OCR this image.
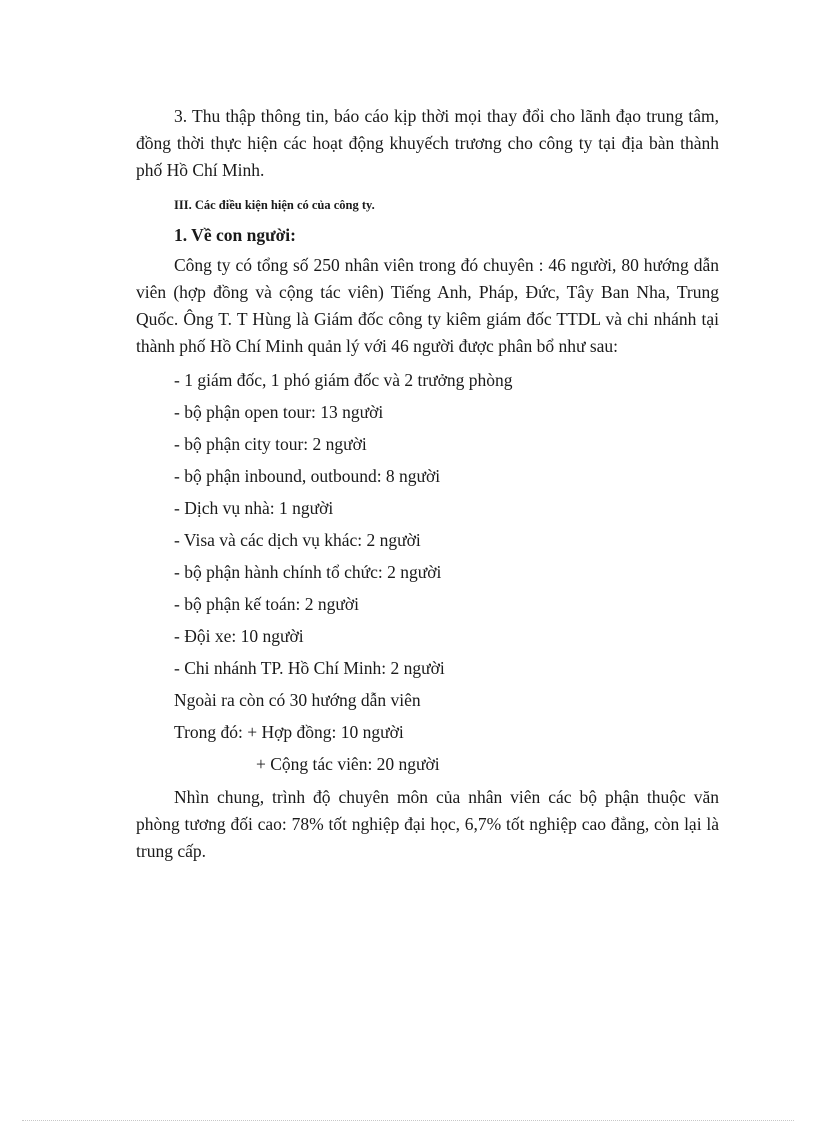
3. Thu thập thông tin, báo cáo kịp thời mọi thay đổi cho lãnh đạo trung tâm, đồng thời thực hiện các hoạt động khuyếch trương cho công ty tại địa bàn thành phố Hồ Chí Minh.

III. Các điều kiện hiện có của công ty.

1. Về con người:

Công ty có tổng số 250 nhân viên trong đó chuyên : 46 người, 80 hướng dẫn viên (hợp đồng và cộng tác viên) Tiếng Anh, Pháp, Đức, Tây Ban Nha, Trung Quốc. Ông T. T Hùng là Giám đốc công ty kiêm giám đốc TTDL và chi nhánh tại thành phố Hồ Chí Minh quản lý với 46 người được phân bổ như sau:

- 1 giám đốc, 1 phó giám đốc và 2 trưởng phòng
- bộ phận open tour: 13 người
- bộ phận city tour: 2 người
- bộ phận inbound, outbound: 8 người
- Dịch vụ nhà: 1 người
- Visa và các dịch vụ khác: 2 người
- bộ phận hành chính tổ chức: 2 người
- bộ phận kế toán: 2 người
- Đội xe: 10 người
- Chi nhánh TP. Hồ Chí Minh: 2 người

Ngoài ra còn có 30 hướng dẫn viên

Trong đó: + Hợp đồng: 10 người

+ Cộng tác viên: 20 người

Nhìn chung, trình độ chuyên môn của nhân viên các bộ phận thuộc văn phòng tương đối cao: 78% tốt nghiệp đại học, 6,7% tốt nghiệp cao đẳng, còn lại là trung cấp.
